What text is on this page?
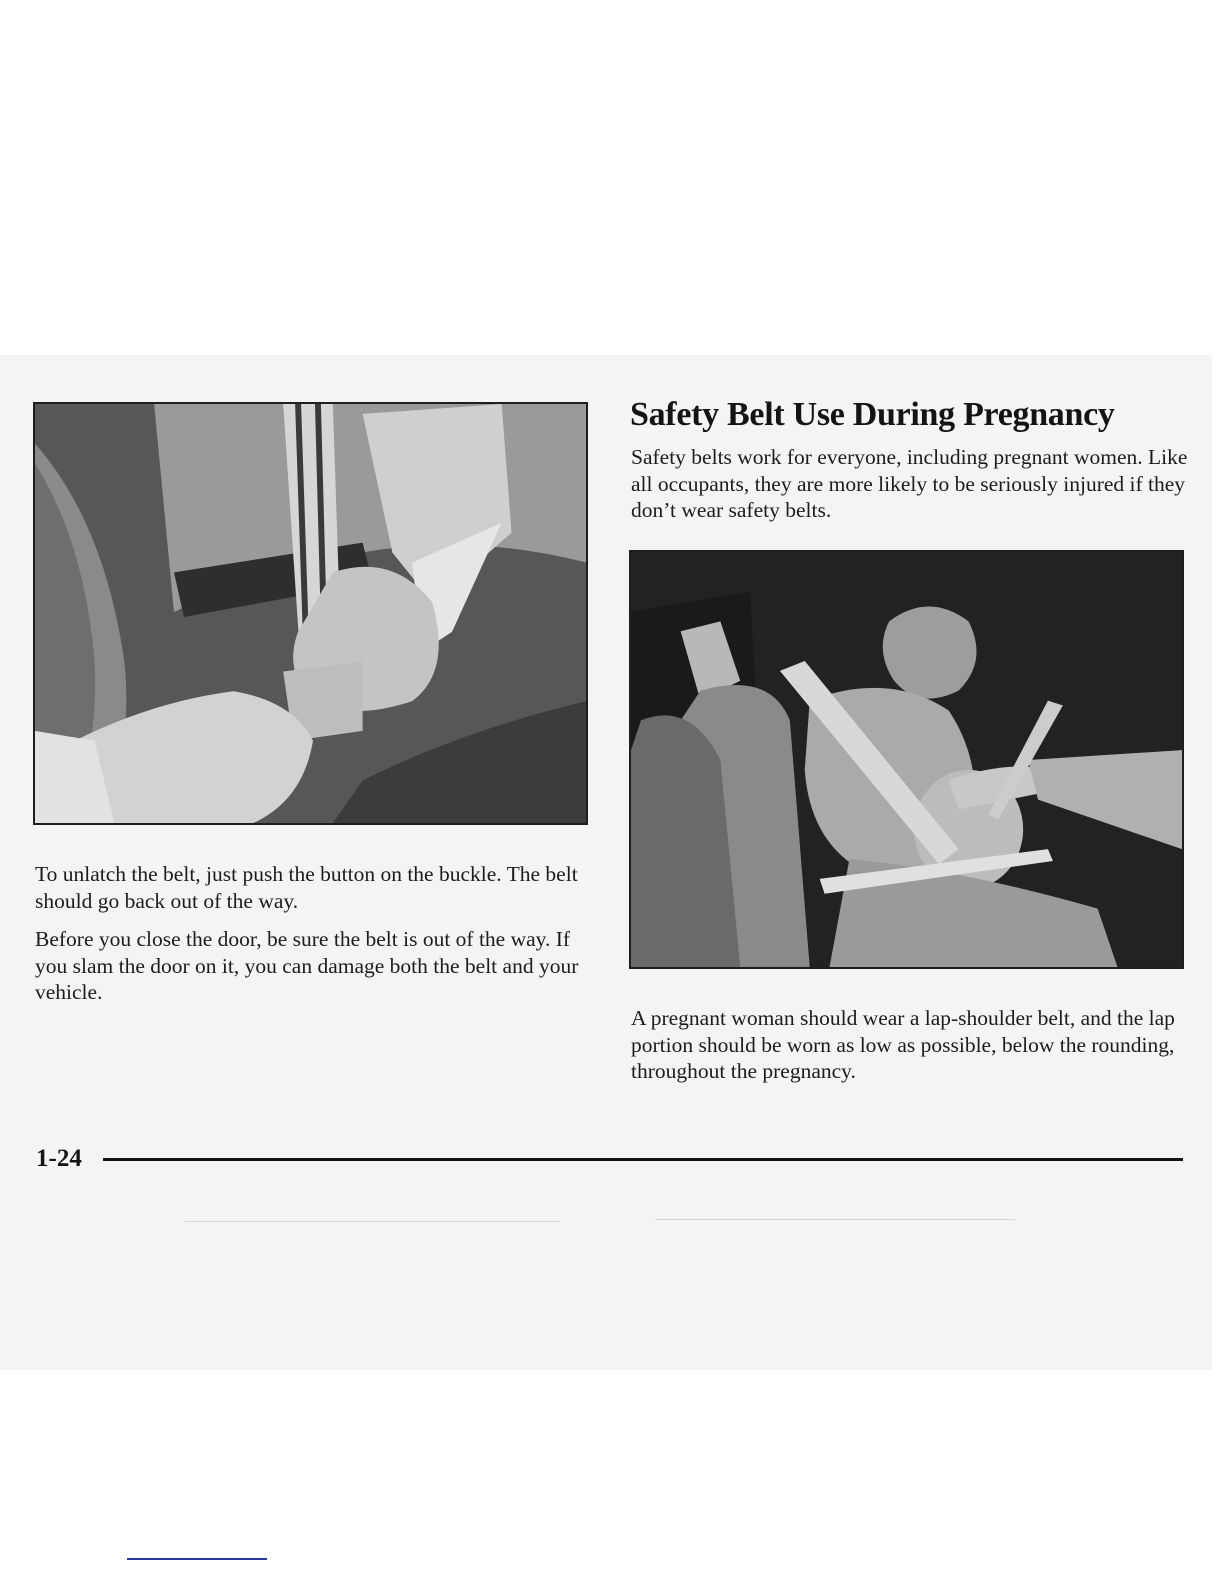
Safety Belt Use During Pregnancy

Safety belts work for everyone, including pregnant women. Like all occupants, they are more likely to be seriously injured if they don’t wear safety belts.

To unlatch the belt, just push the button on the buckle. The belt should go back out of the way.

Before you close the door, be sure the belt is out of the way. If you slam the door on it, you can damage both the belt and your vehicle.

A pregnant woman should wear a lap-shoulder belt, and the lap portion should be worn as low as possible, below the rounding, throughout the pregnancy.

1-24
